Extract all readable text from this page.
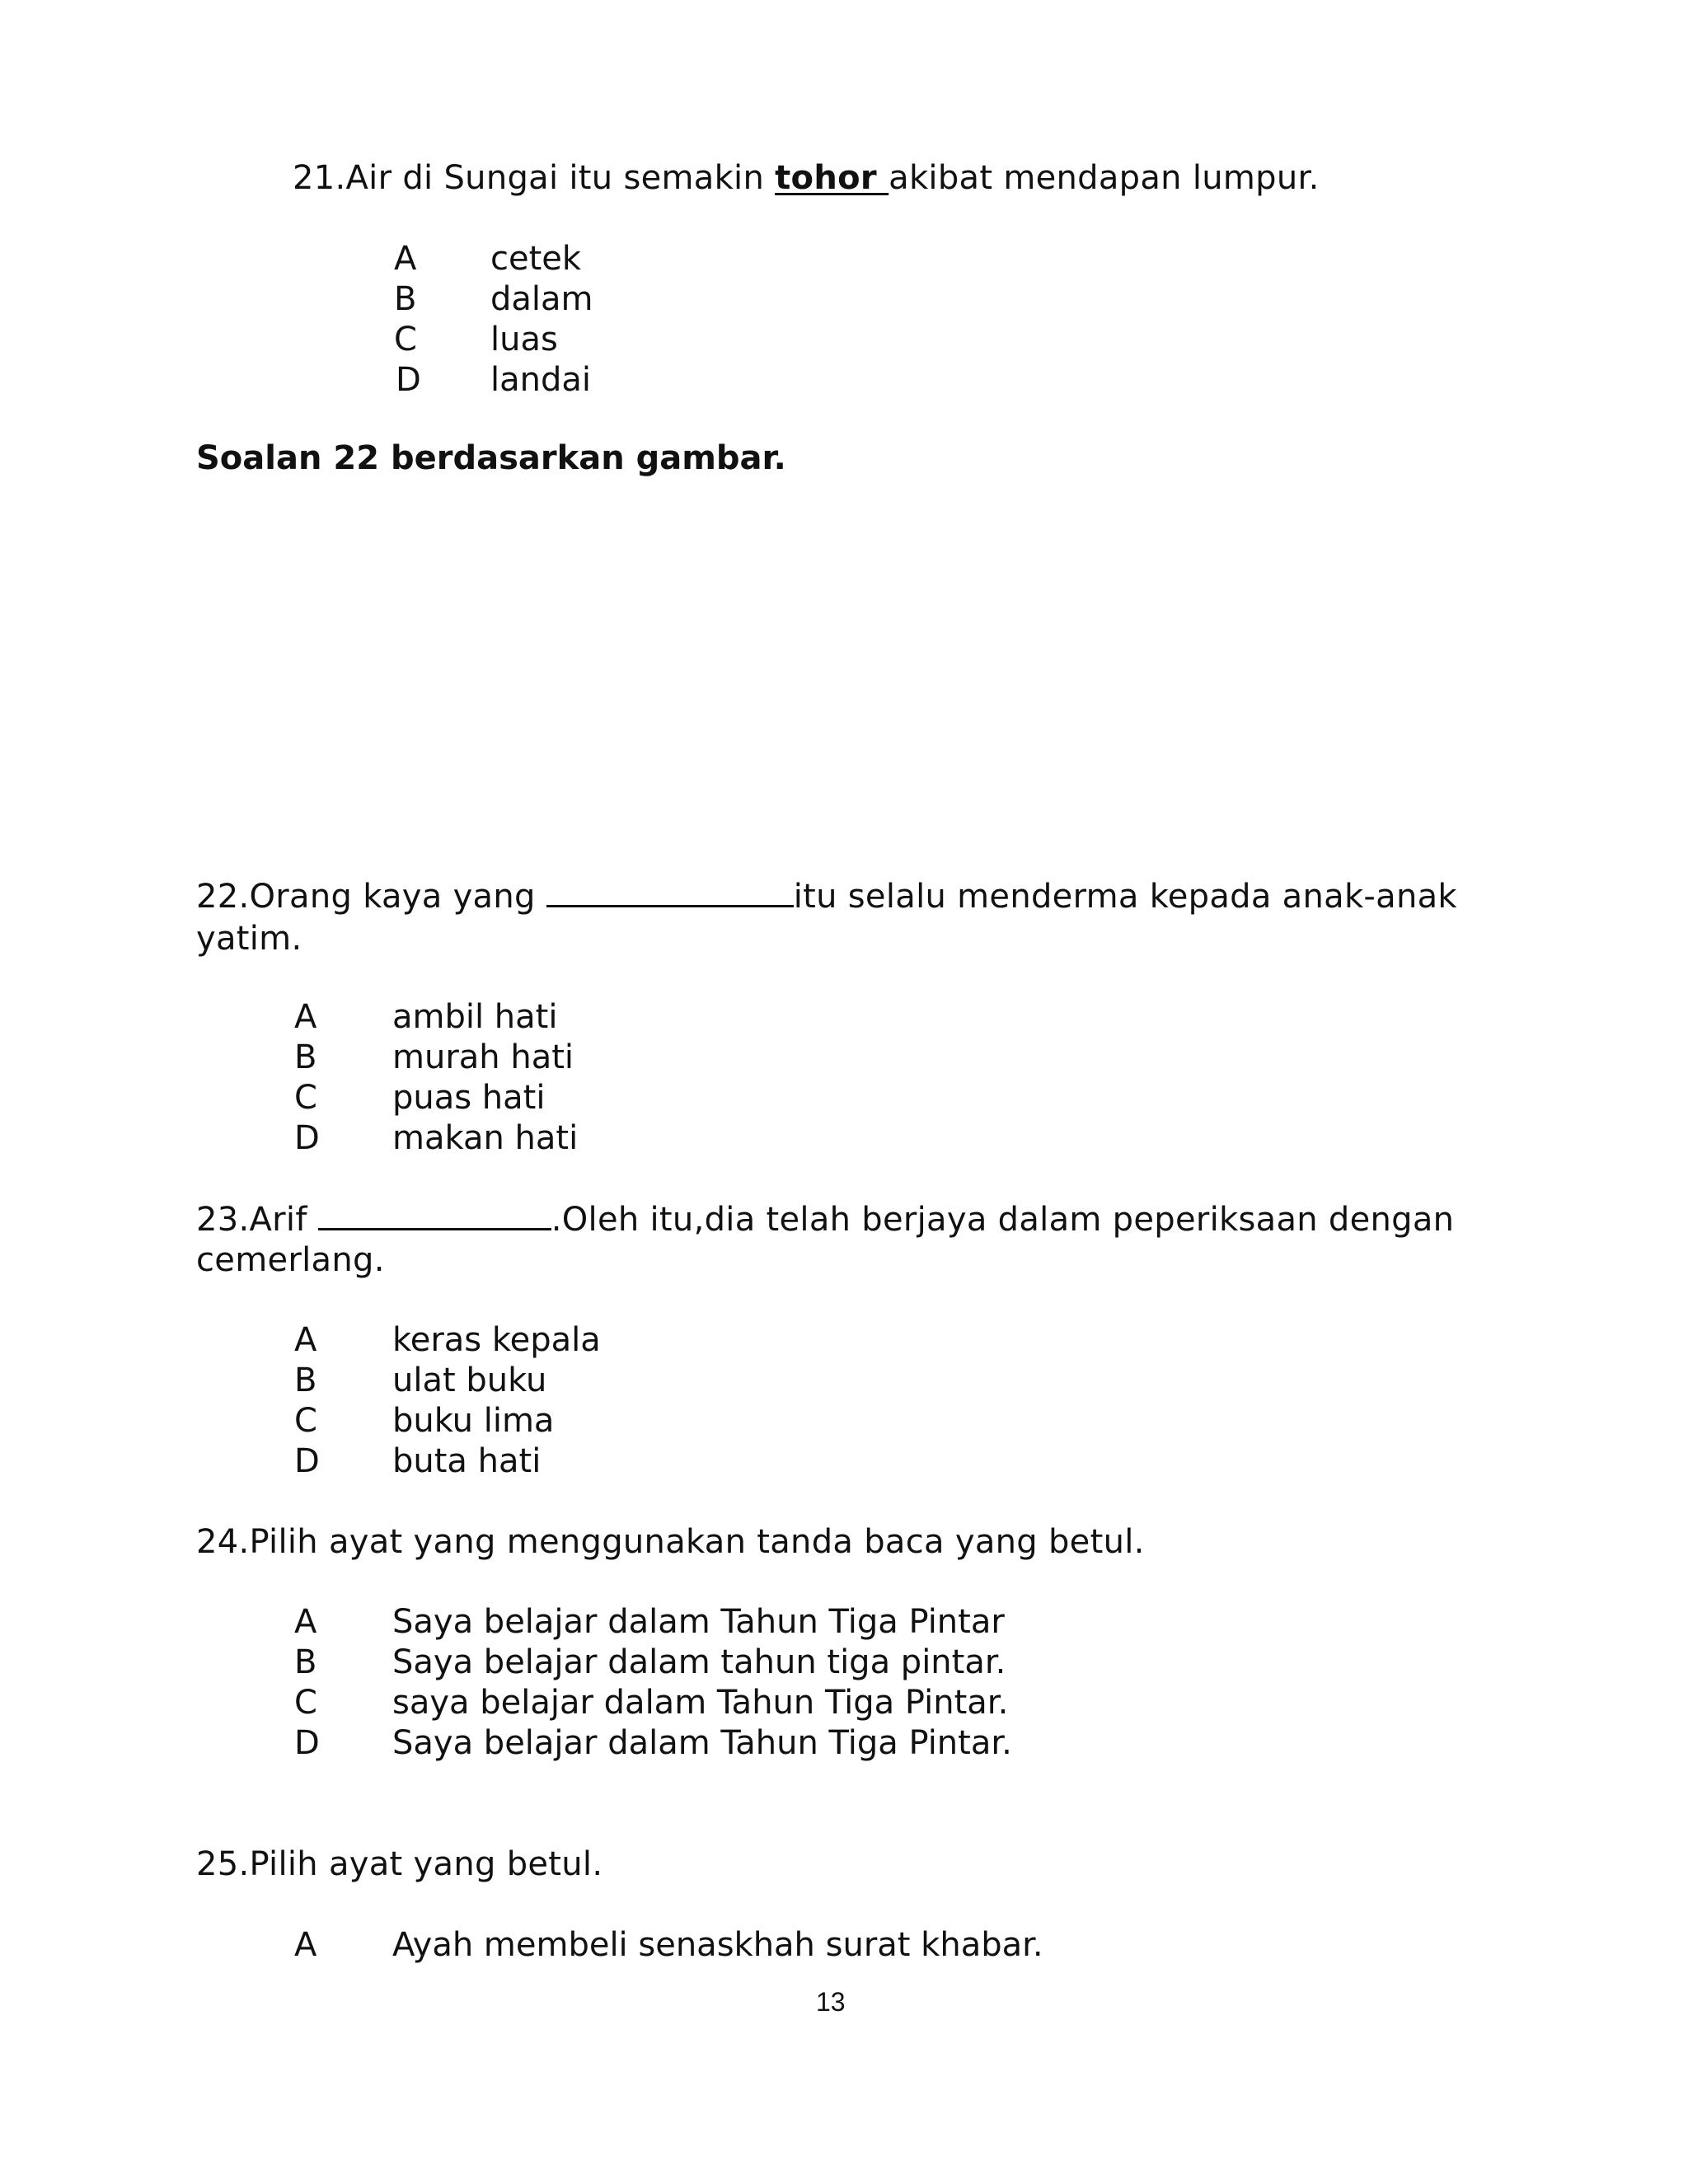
21.Air di Sungai itu semakin tohor akibat mendapan lumpur.
A cetek
B dalam
C luas
D landai
Soalan 22 berdasarkan gambar.
22.Orang kaya yang	itu selalu menderma kepada anak-anak
yatim.
A ambil hati
B murah hati
C puas hati
D makan hati
23.Arif	.Oleh itu,dia telah berjaya dalam peperiksaan dengan
cemerlang.
A keras kepala
B ulat buku
C buku lima
D buta hati
24.Pilih ayat yang menggunakan tanda baca yang betul.
A Saya belajar dalam Tahun Tiga Pintar
B Saya belajar dalam tahun tiga pintar.
C saya belajar dalam Tahun Tiga Pintar.
D Saya belajar dalam Tahun Tiga Pintar.
25.Pilih ayat yang betul.
A Ayah membeli senaskhah surat khabar.
13
